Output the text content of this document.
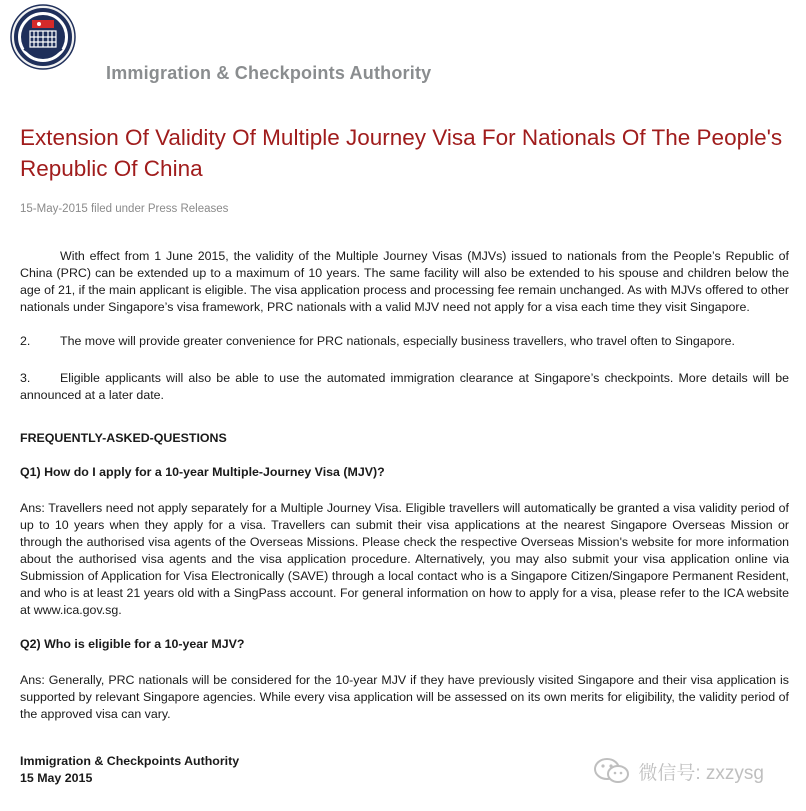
Immigration & Checkpoints Authority
Extension Of Validity Of Multiple Journey Visa For Nationals Of The People's Republic Of China
15-May-2015 filed under Press Releases

With effect from 1 June 2015, the validity of the Multiple Journey Visas (MJVs) issued to nationals from the People’s Republic of China (PRC) can be extended up to a maximum of 10 years. The same facility will also be extended to his spouse and children below the age of 21, if the main applicant is eligible. The visa application process and processing fee remain unchanged. As with MJVs offered to other nationals under Singapore’s visa framework, PRC nationals with a valid MJV need not apply for a visa each time they visit Singapore.

2. The move will provide greater convenience for PRC nationals, especially business travellers, who travel often to Singapore.

3. Eligible applicants will also be able to use the automated immigration clearance at Singapore’s checkpoints. More details will be announced at a later date.

FREQUENTLY-ASKED-QUESTIONS

Q1) How do I apply for a 10-year Multiple-Journey Visa (MJV)?

Ans: Travellers need not apply separately for a Multiple Journey Visa. Eligible travellers will automatically be granted a visa validity period of up to 10 years when they apply for a visa. Travellers can submit their visa applications at the nearest Singapore Overseas Mission or through the authorised visa agents of the Overseas Missions. Please check the respective Overseas Mission's website for more information about the authorised visa agents and the visa application procedure. Alternatively, you may also submit your visa application online via Submission of Application for Visa Electronically (SAVE) through a local contact who is a Singapore Citizen/Singapore Permanent Resident, and who is at least 21 years old with a SingPass account. For general information on how to apply for a visa, please refer to the ICA website at www.ica.gov.sg.

Q2) Who is eligible for a 10-year MJV?

Ans: Generally, PRC nationals will be considered for the 10-year MJV if they have previously visited Singapore and their visa application is supported by relevant Singapore agencies. While every visa application will be assessed on its own merits for eligibility, the validity period of the approved visa can vary.

Immigration & Checkpoints Authority

15 May 2015	微信号: zxzysg
